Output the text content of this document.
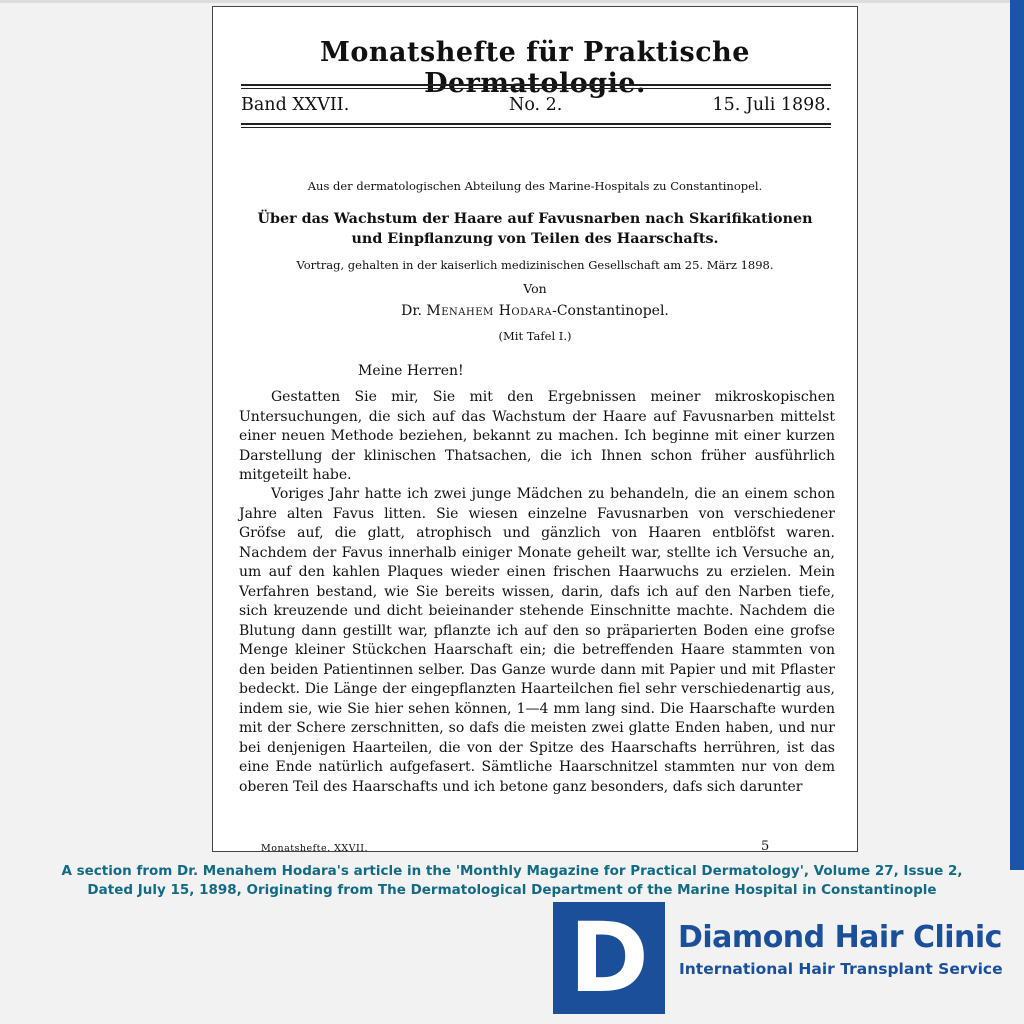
Monatshefte für Praktische
Band XXVII.	No. 2.	15. Juli 1898.
Aus der dermatologischen Abteilung des Marine-Hospitals zu Constantinopel.
Über das Wachstum der Haare auf Favusnarben nach Skarifikationen
und Einpflanzung von Teilen des Haarschafts.
Vortrag, gehalten in der kaiserlich medizinischen Gesellschaft am 25. März 1898.
Von
Dr. Menahem Hodara-Constantinopel.
(Mit Tafel I.)
Meine Herren!

Gestatten Sie mir, Sie mit den Ergebnissen meiner mikroskopischen Untersuchungen, die sich auf das Wachstum der Haare auf Favusnarben mittelst einer neuen Methode beziehen, bekannt zu machen. Ich beginne mit einer kurzen Darstellung der klinischen Thatsachen, die ich Ihnen schon früher ausführlich mitgeteilt habe.

Voriges Jahr hatte ich zwei junge Mädchen zu behandeln, die an einem schon Jahre alten Favus litten. Sie wiesen einzelne Favusnarben von verschiedener Gröfse auf, die glatt, atrophisch und gänzlich von Haaren entblöfst waren. Nachdem der Favus innerhalb einiger Monate geheilt war, stellte ich Versuche an, um auf den kahlen Plaques wieder einen frischen Haarwuchs zu erzielen. Mein Verfahren bestand, wie Sie bereits wissen, darin, dafs ich auf den Narben tiefe, sich kreuzende und dicht beieinander stehende Einschnitte machte. Nachdem die Blutung dann gestillt war, pflanzte ich auf den so präparierten Boden eine grofse Menge kleiner Stückchen Haarschaft ein; die betreffenden Haare stammten von den beiden Patientinnen selber. Das Ganze wurde dann mit Papier und mit Pflaster bedeckt. Die Länge der eingepflanzten Haarteilchen fiel sehr verschiedenartig aus, indem sie, wie Sie hier sehen können, 1—4 mm lang sind. Die Haarschafte wurden mit der Schere zerschnitten, so dafs die meisten zwei glatte Enden haben, und nur bei denjenigen Haarteilen, die von der Spitze des Haarschafts herrühren, ist das eine Ende natürlich aufgefasert. Sämtliche Haarschnitzel stammten nur von dem oberen Teil des Haarschafts und ich betone ganz besonders, dafs sich darunter

Monatshefte. XXVII.	5
A section from Dr. Menahem Hodara's article in the 'Monthly Magazine for Practical Dermatology', Volume 27, Issue 2,
Dated July 15, 1898, Originating from The Dermatological Department of the Marine Hospital in Constantinople
D Diamond Hair Clinic
International Hair Transplant Service
